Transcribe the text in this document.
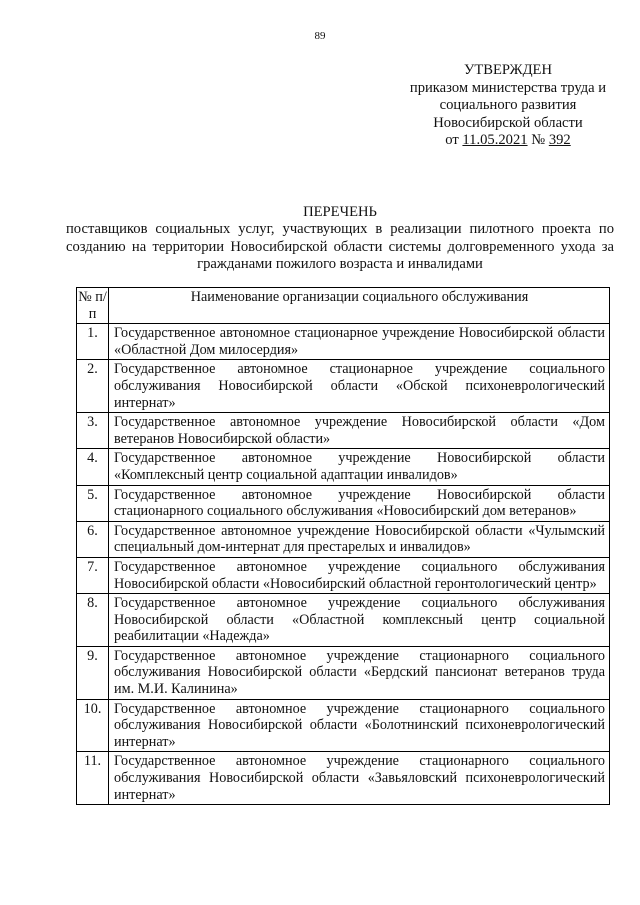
89
УТВЕРЖДЕН
приказом министерства труда и
социального развития
Новосибирской области
от 11.05.2021 № 392
ПЕРЕЧЕНЬ
поставщиков социальных услуг, участвующих в реализации пилотного проекта по созданию на территории Новосибирской области системы долговременного ухода за гражданами пожилого возраста и инвалидами
№ п/п	Наименование организации социального обслуживания
1.	Государственное автономное стационарное учреждение Новосибирской области «Областной Дом милосердия»
2.	Государственное автономное стационарное учреждение социального обслуживания Новосибирской области «Обской психоневрологический интернат»
3.	Государственное автономное учреждение Новосибирской области «Дом ветеранов Новосибирской области»
4.	Государственное автономное учреждение Новосибирской области «Комплексный центр социальной адаптации инвалидов»
5.	Государственное автономное учреждение Новосибирской области стационарного социального обслуживания «Новосибирский дом ветеранов»
6.	Государственное автономное учреждение Новосибирской области «Чулымский специальный дом-интернат для престарелых и инвалидов»
7.	Государственное автономное учреждение социального обслуживания Новосибирской области «Новосибирский областной геронтологический центр»
8.	Государственное автономное учреждение социального обслуживания Новосибирской области «Областной комплексный центр социальной реабилитации «Надежда»
9.	Государственное автономное учреждение стационарного социального обслуживания Новосибирской области «Бердский пансионат ветеранов труда им. М.И. Калинина»
10.	Государственное автономное учреждение стационарного социального обслуживания Новосибирской области «Болотнинский психоневрологический интернат»
11.	Государственное автономное учреждение стационарного социального обслуживания Новосибирской области «Завьяловский психоневрологический интернат»
